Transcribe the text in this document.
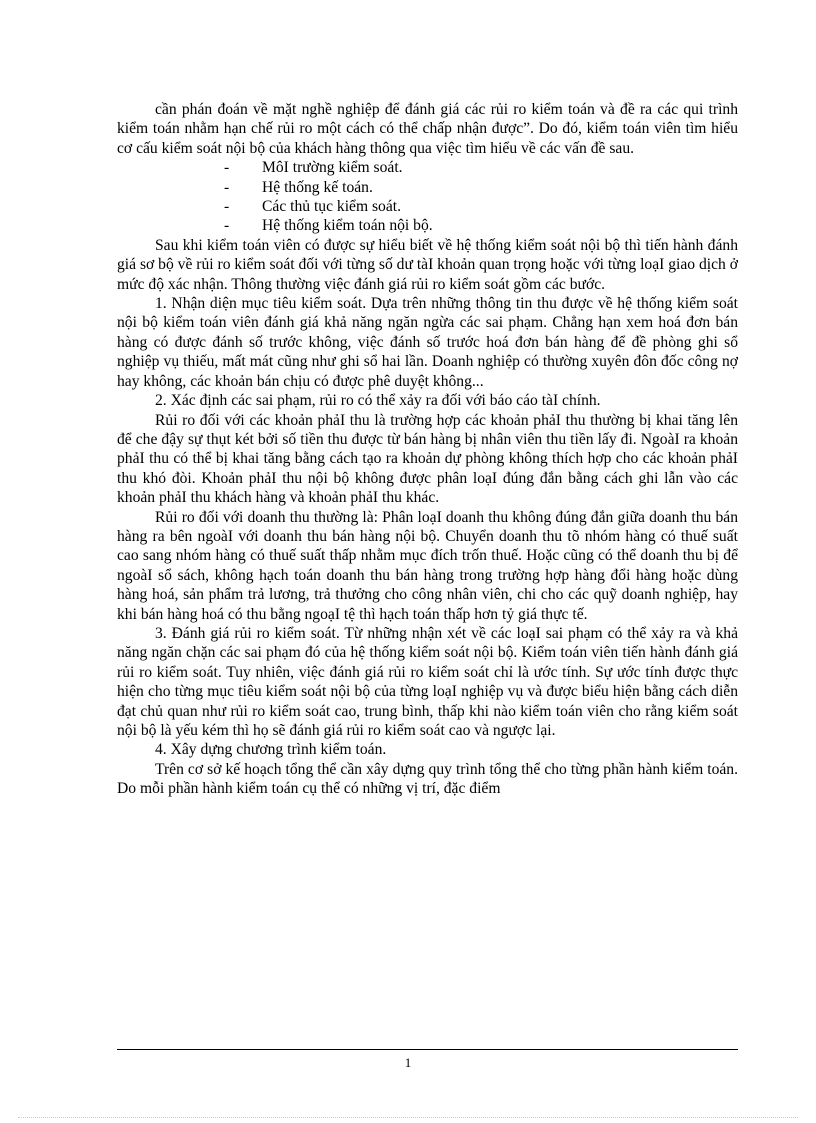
cần phán đoán về mặt nghề nghiệp để đánh giá các rủi ro kiểm toán và đề ra các qui trình kiểm toán nhằm hạn chế rủi ro một cách có thể chấp nhận được”. Do đó, kiểm toán viên tìm hiểu cơ cấu kiểm soát nội bộ của khách hàng thông qua việc tìm hiểu về các vấn đề sau.

- MôI trường kiểm soát.
- Hệ thống kế toán.
- Các thủ tục kiểm soát.
- Hệ thống kiểm toán nội bộ.

Sau khi kiểm toán viên có được sự hiểu biết về hệ thống kiểm soát nội bộ thì tiến hành đánh giá sơ bộ về rủi ro kiểm soát đối với từng số dư tàI khoản quan trọng hoặc với từng loạI giao dịch ở mức độ xác nhận. Thông thường việc đánh giá rủi ro kiểm soát gồm các bước.

1. Nhận diện mục tiêu kiểm soát. Dựa trên những thông tin thu được về hệ thống kiểm soát nội bộ kiểm toán viên đánh giá khả năng ngăn ngừa các sai phạm. Chẳng hạn xem hoá đơn bán hàng có được đánh số trước không, việc đánh số trước hoá đơn bán hàng để đề phòng ghi sổ nghiệp vụ thiếu, mất mát cũng như ghi sổ hai lần. Doanh nghiệp có thường xuyên đôn đốc công nợ hay không, các khoản bán chịu có được phê duyệt không...

2. Xác định các sai phạm, rủi ro có thể xảy ra đối với báo cáo tàI chính.

Rủi ro đối với các khoản phảI thu là trường hợp các khoản phảI thu thường bị khai tăng lên để che đậy sự thụt két bởi số tiền thu được từ bán hàng bị nhân viên thu tiền lấy đi. NgoàI ra khoản phảI thu có thể bị khai tăng bằng cách tạo ra khoản dự phòng không thích hợp cho các khoản phảI thu khó đòi. Khoản phảI thu nội bộ không được phân loạI đúng đắn bằng cách ghi lẫn vào các khoản phảI thu khách hàng và khoản phảI thu khác.

Rủi ro đối với doanh thu thường là: Phân loạI doanh thu không đúng đắn giữa doanh thu bán hàng ra bên ngoàI với doanh thu bán hàng nội bộ. Chuyển doanh thu tõ nhóm hàng có thuế suất cao sang nhóm hàng có thuế suất thấp nhằm mục đích trốn thuế. Hoặc cũng có thể doanh thu bị để ngoàI sổ sách, không hạch toán doanh thu bán hàng trong trường hợp hàng đổi hàng hoặc dùng hàng hoá, sản phẩm trả lương, trả thưởng cho công nhân viên, chi cho các quỹ doanh nghiệp, hay khi bán hàng hoá có thu bằng ngoạI tệ thì hạch toán thấp hơn tỷ giá thực tế.

3. Đánh giá rủi ro kiểm soát. Từ những nhận xét về các loạI sai phạm có thể xảy ra và khả năng ngăn chặn các sai phạm đó của hệ thống kiểm soát nội bộ. Kiểm toán viên tiến hành đánh giá rủi ro kiểm soát. Tuy nhiên, việc đánh giá rủi ro kiểm soát chỉ là ước tính. Sự ước tính được thực hiện cho từng mục tiêu kiểm soát nội bộ của từng loạI nghiệp vụ và được biểu hiện bằng cách diễn đạt chủ quan như rủi ro kiểm soát cao, trung bình, thấp khi nào kiểm toán viên cho rằng kiểm soát nội bộ là yếu kém thì họ sẽ đánh giá rủi ro kiểm soát cao và ngược lại.

4. Xây dựng chương trình kiểm toán.

Trên cơ sở kế hoạch tổng thể cần xây dựng quy trình tổng thể cho từng phần hành kiểm toán. Do mỗi phần hành kiểm toán cụ thể có những vị trí, đặc điểm

1
